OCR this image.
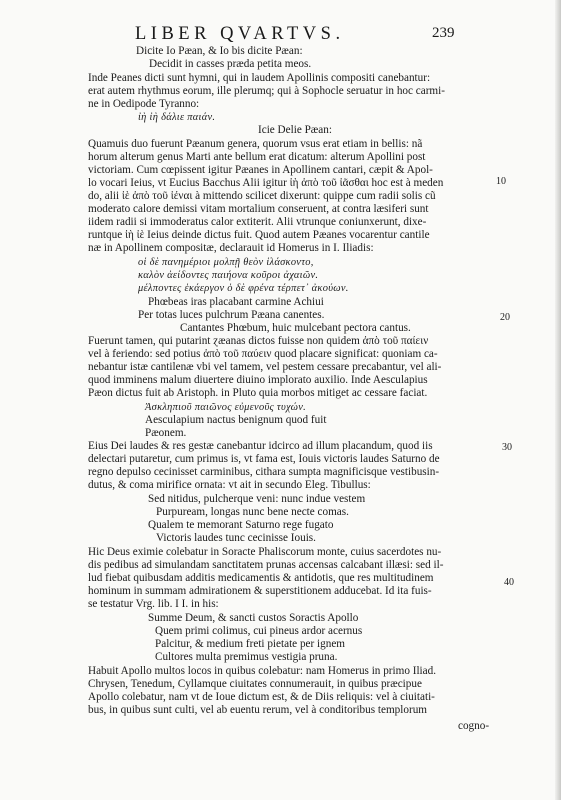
LIBER QVARTVS.	239
Dicite Io Pæan, & Io bis dicite Pæan:
Decidit in casses præda petita meos.
Inde Peanes dicti sunt hymni, qui in laudem Apollinis compositi canebantur:
erat autem rhythmus eorum, ille plerumq; qui à Sophocle seruatur in hoc carmi-
ne in Oedipode Tyranno:
ἰὴ ἰὴ δάλιε παιάν.
Icie Delie Pæan:
Quamuis duo fuerunt Pæanum genera, quorum vsus erat etiam in bellis: nã
horum alterum genus Marti ante bellum erat dicatum: alterum Apollini post
victoriam. Cum cœpissent igitur Pæanes in Apollinem cantari, cæpit & Apol-
lo vocari Ieius, vt Eucius Bacchus Alii igitur ἰὴ ἀπὸ τοῦ ἰᾶσθαι hoc est à meden
do, alii ἰὲ ἀπὸ τοῦ ἱέναι à mittendo scilicet dixerunt: quippe cum radii solis cũ
moderato calore demissi vitam mortalium conseruent, at contra læsiferi sunt
iidem radii si immoderatus calor extiterit. Alii vtrunque coniunxerunt, dixe-
runtque ἰὴ ἰὲ Ieius deinde dictus fuit. Quod autem Pæanes vocarentur cantile
næ in Apollinem compositæ, declarauit id Homerus in I. Iliadis:
οἱ δὲ πανημέριοι μολπῇ θεὸν ἱλάσκοντο,
καλὸν ἀείδοντες παιήονα κοῦροι ἀχαιῶν.
μέλποντες ἑκάεργον ὁ δὲ φρένα τέρπετ᾽ ἀκούων.
Phœbeas iras placabant carmine Achiui
Per totas luces pulchrum Pæana canentes.
Cantantes Phœbum, huic mulcebant pectora cantus.
Fuerunt tamen, qui putarint ɀæanas dictos fuisse non quidem ἀπὸ τοῦ παίειν
vel à feriendo: sed potius ἀπὸ τοῦ παύειν quod placare significat: quoniam ca-
nebantur istæ cantilenæ vbi vel tamem, vel pestem cessare precabantur, vel ali-
quod imminens malum diuertere diuino implorato auxilio. Inde Aesculapius
Pæon dictus fuit ab Aristoph. in Pluto quia morbos mitiget ac cessare faciat.
Ἀσκληπιοῦ παιῶνος εὐμενοῦς τυχών.
Aesculapium nactus benignum quod fuit
Pæonem.
Eius Dei laudes & res gestæ canebantur idcirco ad illum placandum, quod iis
delectari putaretur, cum primus is, vt fama est, Iouis victoris laudes Saturno de
regno depulso cecinisset carminibus, cithara sumpta magnificisque vestibusin-
dutus, & coma mirifice ornata: vt ait in secundo Eleg. Tibullus:
Sed nitidus, pulcherque veni: nunc indue vestem
Purpuream, longas nunc bene necte comas.
Qualem te memorant Saturno rege fugato
Victoris laudes tunc cecinisse Iouis.
Hic Deus eximie colebatur in Soracte Phaliscorum monte, cuius sacerdotes nu-
dis pedibus ad simulandam sanctitatem prunas accensas calcabant illæsi: sed il-
lud fiebat quibusdam additis medicamentis & antidotis, que res multitudinem
hominum in summam admirationem & superstitionem adducebat. Id ita fuis-
se testatur Vrg. lib. I I. in his:
Summe Deum, & sancti custos Soractis Apollo
Quem primi colimus, cui pineus ardor acernus
Palcitur, & medium freti pietate per ignem
Cultores multa premimus vestigia pruna.
Habuit Apollo multos locos in quibus colebatur: nam Homerus in primo Iliad.
Chrysen, Tenedum, Cyllamque ciuitates connumerauit, in quibus præcipue
Apollo colebatur, nam vt de Ioue dictum est, & de Diis reliquis: vel à ciuitati-
bus, in quibus sunt culti, vel ab euentu rerum, vel à conditoribus templorum
cogno-
10
20
30
40
